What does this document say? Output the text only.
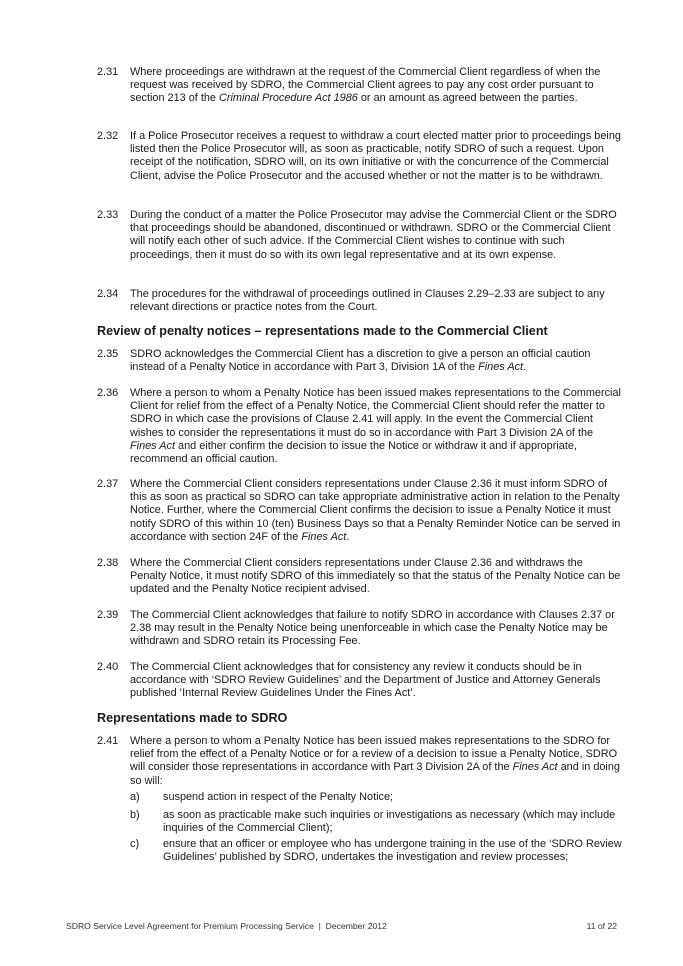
2.31 Where proceedings are withdrawn at the request of the Commercial Client regardless of when the request was received by SDRO, the Commercial Client agrees to pay any cost order pursuant to section 213 of the Criminal Procedure Act 1986 or an amount as agreed between the parties.
2.32 If a Police Prosecutor receives a request to withdraw a court elected matter prior to proceedings being listed then the Police Prosecutor will, as soon as practicable, notify SDRO of such a request. Upon receipt of the notification, SDRO will, on its own initiative or with the concurrence of the Commercial Client, advise the Police Prosecutor and the accused whether or not the matter is to be withdrawn.
2.33 During the conduct of a matter the Police Prosecutor may advise the Commercial Client or the SDRO that proceedings should be abandoned, discontinued or withdrawn. SDRO or the Commercial Client will notify each other of such advice. If the Commercial Client wishes to continue with such proceedings, then it must do so with its own legal representative and at its own expense.
2.34 The procedures for the withdrawal of proceedings outlined in Clauses 2.29–2.33 are subject to any relevant directions or practice notes from the Court.
Review of penalty notices – representations made to the Commercial Client
2.35 SDRO acknowledges the Commercial Client has a discretion to give a person an official caution instead of a Penalty Notice in accordance with Part 3, Division 1A of the Fines Act.
2.36 Where a person to whom a Penalty Notice has been issued makes representations to the Commercial Client for relief from the effect of a Penalty Notice, the Commercial Client should refer the matter to SDRO in which case the provisions of Clause 2.41 will apply. In the event the Commercial Client wishes to consider the representations it must do so in accordance with Part 3 Division 2A of the Fines Act and either confirm the decision to issue the Notice or withdraw it and if appropriate, recommend an official caution.
2.37 Where the Commercial Client considers representations under Clause 2.36 it must inform SDRO of this as soon as practical so SDRO can take appropriate administrative action in relation to the Penalty Notice. Further, where the Commercial Client confirms the decision to issue a Penalty Notice it must notify SDRO of this within 10 (ten) Business Days so that a Penalty Reminder Notice can be served in accordance with section 24F of the Fines Act.
2.38 Where the Commercial Client considers representations under Clause 2.36 and withdraws the Penalty Notice, it must notify SDRO of this immediately so that the status of the Penalty Notice can be updated and the Penalty Notice recipient advised.
2.39 The Commercial Client acknowledges that failure to notify SDRO in accordance with Clauses 2.37 or 2.38 may result in the Penalty Notice being unenforceable in which case the Penalty Notice may be withdrawn and SDRO retain its Processing Fee.
2.40 The Commercial Client acknowledges that for consistency any review it conducts should be in accordance with ‘SDRO Review Guidelines’ and the Department of Justice and Attorney Generals published ‘Internal Review Guidelines Under the Fines Act’.
Representations made to SDRO
2.41 Where a person to whom a Penalty Notice has been issued makes representations to the SDRO for relief from the effect of a Penalty Notice or for a review of a decision to issue a Penalty Notice, SDRO will consider those representations in accordance with Part 3 Division 2A of the Fines Act and in doing so will:
a) suspend action in respect of the Penalty Notice;
b) as soon as practicable make such inquiries or investigations as necessary (which may include inquiries of the Commercial Client);
c) ensure that an officer or employee who has undergone training in the use of the ‘SDRO Review Guidelines’ published by SDRO, undertakes the investigation and review processes;
SDRO Service Level Agreement for Premium Processing Service  |  December 2012	11 of 22
